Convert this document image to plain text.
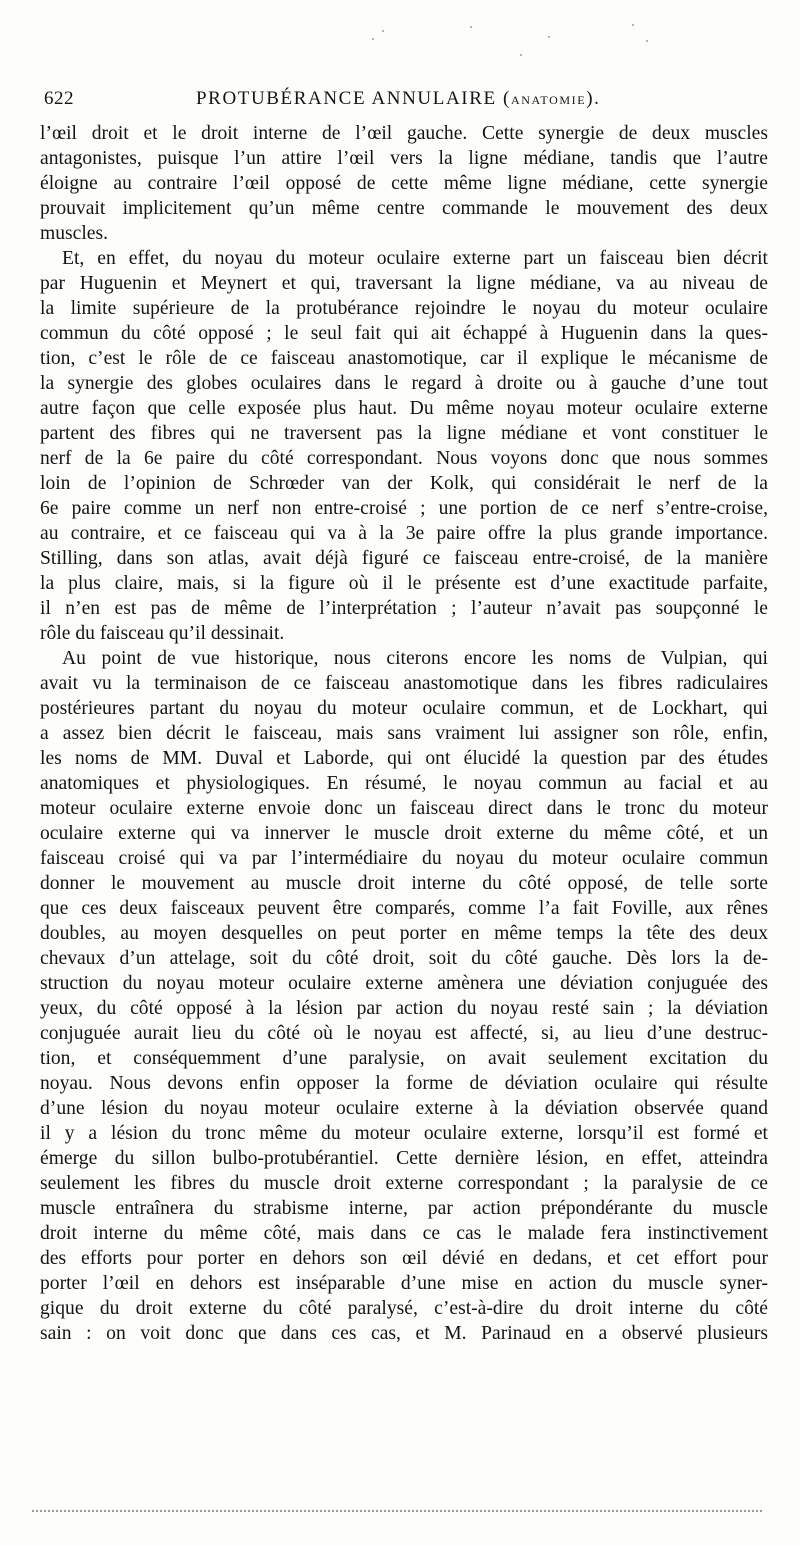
622	PROTUBÉRANCE ANNULAIRE (ANATOMIE).
l’œil droit et le droit interne de l’œil gauche. Cette synergie de deux muscles
antagonistes, puisque l’un attire l’œil vers la ligne médiane, tandis que l’autre
éloigne au contraire l’œil opposé de cette même ligne médiane, cette synergie
prouvait implicitement qu’un même centre commande le mouvement des deux
muscles.
Et, en effet, du noyau du moteur oculaire externe part un faisceau bien décrit
par Huguenin et Meynert et qui, traversant la ligne médiane, va au niveau de
la limite supérieure de la protubérance rejoindre le noyau du moteur oculaire
commun du côté opposé ; le seul fait qui ait échappé à Huguenin dans la ques-
tion, c’est le rôle de ce faisceau anastomotique, car il explique le mécanisme de
la synergie des globes oculaires dans le regard à droite ou à gauche d’une tout
autre façon que celle exposée plus haut. Du même noyau moteur oculaire externe
partent des fibres qui ne traversent pas la ligne médiane et vont constituer le
nerf de la 6e paire du côté correspondant. Nous voyons donc que nous sommes
loin de l’opinion de Schrœder van der Kolk, qui considérait le nerf de la
6e paire comme un nerf non entre-croisé ; une portion de ce nerf s’entre-croise,
au contraire, et ce faisceau qui va à la 3e paire offre la plus grande importance.
Stilling, dans son atlas, avait déjà figuré ce faisceau entre-croisé, de la manière
la plus claire, mais, si la figure où il le présente est d’une exactitude parfaite,
il n’en est pas de même de l’interprétation ; l’auteur n’avait pas soupçonné le
rôle du faisceau qu’il dessinait.
Au point de vue historique, nous citerons encore les noms de Vulpian, qui
avait vu la terminaison de ce faisceau anastomotique dans les fibres radiculaires
postérieures partant du noyau du moteur oculaire commun, et de Lockhart, qui
a assez bien décrit le faisceau, mais sans vraiment lui assigner son rôle, enfin,
les noms de MM. Duval et Laborde, qui ont élucidé la question par des études
anatomiques et physiologiques. En résumé, le noyau commun au facial et au
moteur oculaire externe envoie donc un faisceau direct dans le tronc du moteur
oculaire externe qui va innerver le muscle droit externe du même côté, et un
faisceau croisé qui va par l’intermédiaire du noyau du moteur oculaire commun
donner le mouvement au muscle droit interne du côté opposé, de telle sorte
que ces deux faisceaux peuvent être comparés, comme l’a fait Foville, aux rênes
doubles, au moyen desquelles on peut porter en même temps la tête des deux
chevaux d’un attelage, soit du côté droit, soit du côté gauche. Dès lors la de-
struction du noyau moteur oculaire externe amènera une déviation conjuguée des
yeux, du côté opposé à la lésion par action du noyau resté sain ; la déviation
conjuguée aurait lieu du côté où le noyau est affecté, si, au lieu d’une destruc-
tion, et conséquemment d’une paralysie, on avait seulement excitation du
noyau. Nous devons enfin opposer la forme de déviation oculaire qui résulte
d’une lésion du noyau moteur oculaire externe à la déviation observée quand
il y a lésion du tronc même du moteur oculaire externe, lorsqu’il est formé et
émerge du sillon bulbo-protubérantiel. Cette dernière lésion, en effet, atteindra
seulement les fibres du muscle droit externe correspondant ; la paralysie de ce
muscle entraînera du strabisme interne, par action prépondérante du muscle
droit interne du même côté, mais dans ce cas le malade fera instinctivement
des efforts pour porter en dehors son œil dévié en dedans, et cet effort pour
porter l’œil en dehors est inséparable d’une mise en action du muscle syner-
gique du droit externe du côté paralysé, c’est-à-dire du droit interne du côté
sain : on voit donc que dans ces cas, et M. Parinaud en a observé plusieurs
